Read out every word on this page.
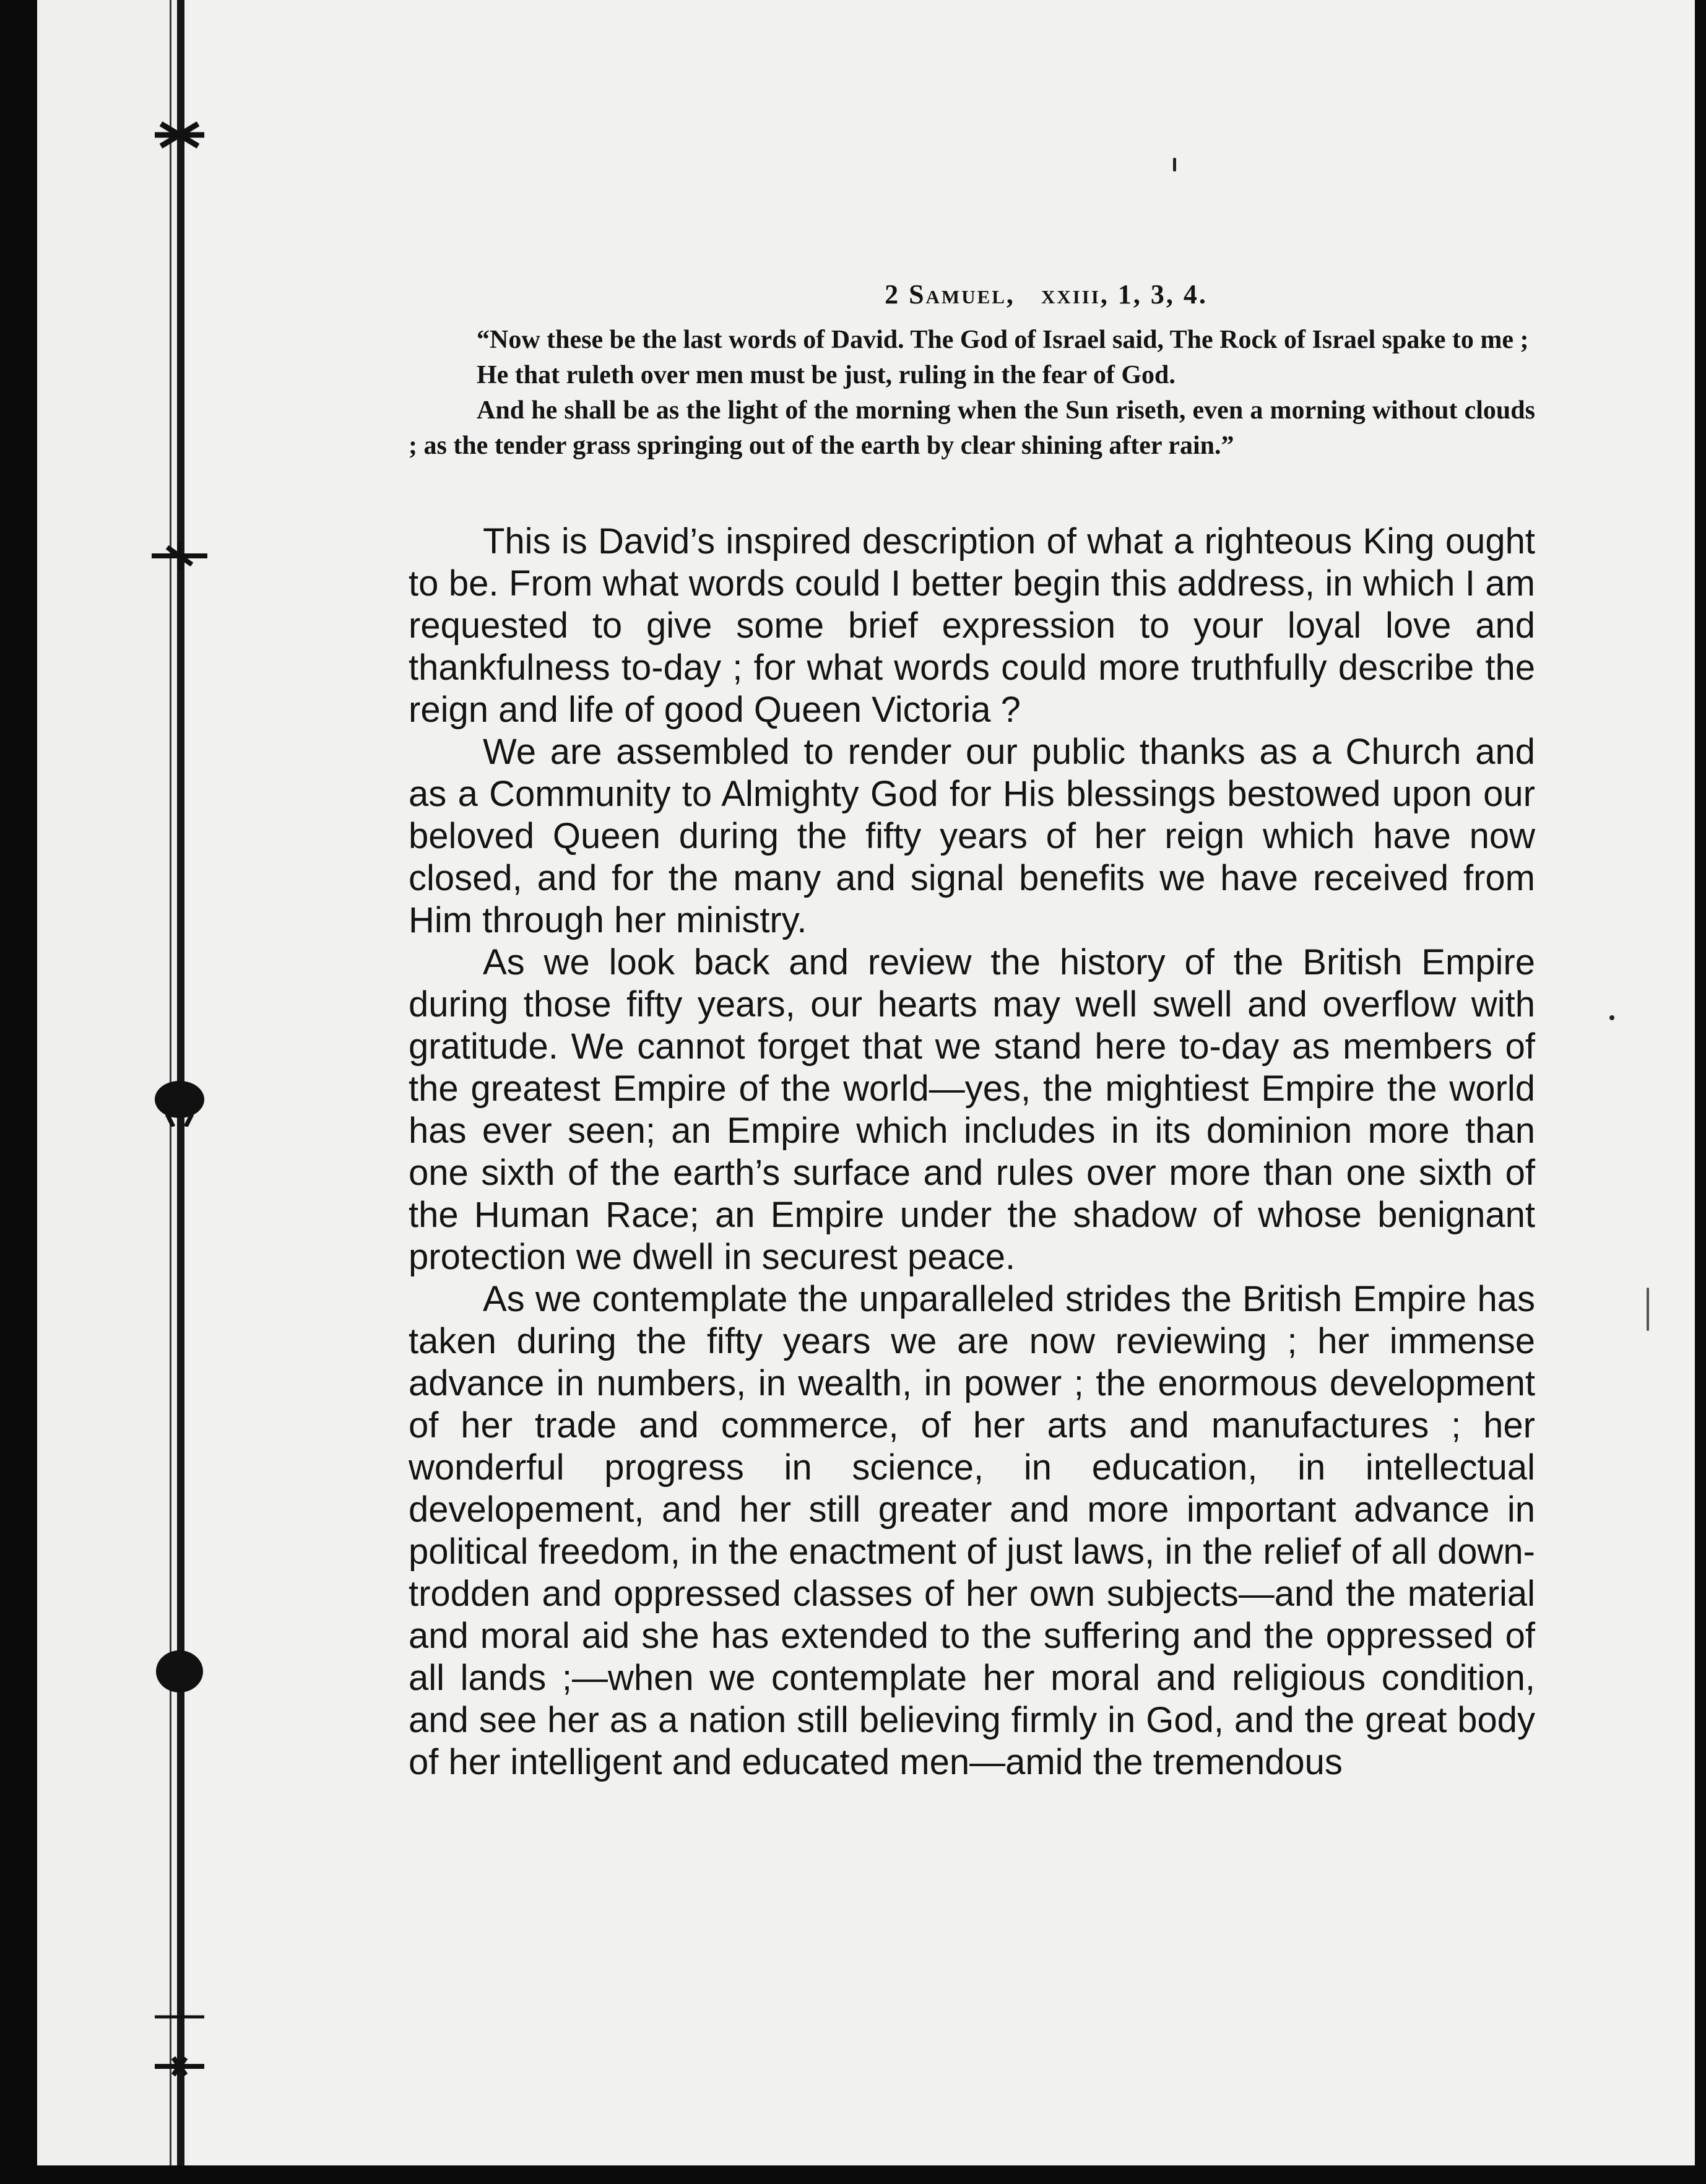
2 Samuel, xxiii, 1, 3, 4.

“Now these be the last words of David. The God of Israel said, The Rock of Israel spake to me ;

He that ruleth over men must be just, ruling in the fear of God.

And he shall be as the light of the morning when the Sun riseth, even a morning without clouds ; as the tender grass springing out of the earth by clear shining after rain.”

This is David’s inspired description of what a righteous King ought to be. From what words could I better begin this address, in which I am requested to give some brief expression to your loyal love and thankfulness to-day ; for what words could more truthfully describe the reign and life of good Queen Victoria ?

We are assembled to render our public thanks as a Church and as a Community to Almighty God for His blessings bestowed upon our beloved Queen during the fifty years of her reign which have now closed, and for the many and signal benefits we have received from Him through her ministry.

As we look back and review the history of the British Empire during those fifty years, our hearts may well swell and overflow with gratitude. We cannot forget that we stand here to-day as members of the greatest Empire of the world—yes, the mightiest Empire the world has ever seen; an Empire which includes in its dominion more than one sixth of the earth’s surface and rules over more than one sixth of the Human Race; an Empire under the shadow of whose benignant protection we dwell in securest peace.

As we contemplate the unparalleled strides the British Empire has taken during the fifty years we are now reviewing ; her immense advance in numbers, in wealth, in power ; the enormous development of her trade and commerce, of her arts and manufactures ; her wonderful progress in science, in education, in intellectual developement, and her still greater and more important advance in political freedom, in the enactment of just laws, in the relief of all down-trodden and oppressed classes of her own subjects—and the material and moral aid she has extended to the suffering and the oppressed of all lands ;—when we contemplate her moral and religious condition, and see her as a nation still believing firmly in God, and the great body of her intelligent and educated men—amid the tremendous
